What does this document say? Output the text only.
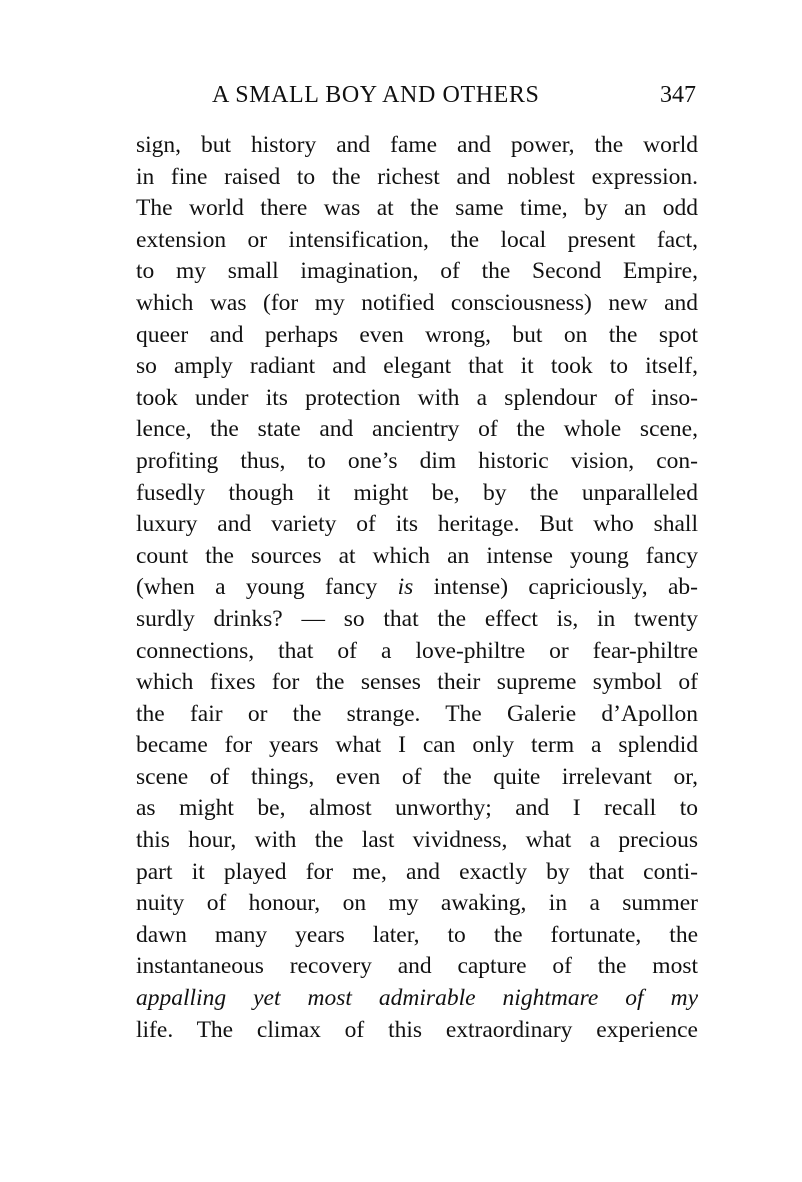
A SMALL BOY AND OTHERS	347
sign, but history and fame and power, the world
in fine raised to the richest and noblest expression.
The world there was at the same time, by an odd
extension or intensification, the local present fact,
to my small imagination, of the Second Empire,
which was (for my notified consciousness) new and
queer and perhaps even wrong, but on the spot
so amply radiant and elegant that it took to itself,
took under its protection with a splendour of inso-
lence, the state and ancientry of the whole scene,
profiting thus, to one’s dim historic vision, con-
fusedly though it might be, by the unparalleled
luxury and variety of its heritage. But who shall
count the sources at which an intense young fancy
(when a young fancy is intense) capriciously, ab-
surdly drinks? — so that the effect is, in twenty
connections, that of a love-philtre or fear-philtre
which fixes for the senses their supreme symbol of
the fair or the strange. The Galerie d’Apollon
became for years what I can only term a splendid
scene of things, even of the quite irrelevant or,
as might be, almost unworthy; and I recall to
this hour, with the last vividness, what a precious
part it played for me, and exactly by that conti-
nuity of honour, on my awaking, in a summer
dawn many years later, to the fortunate, the
instantaneous recovery and capture of the most
appalling yet most admirable nightmare of my
life. The climax of this extraordinary experience
